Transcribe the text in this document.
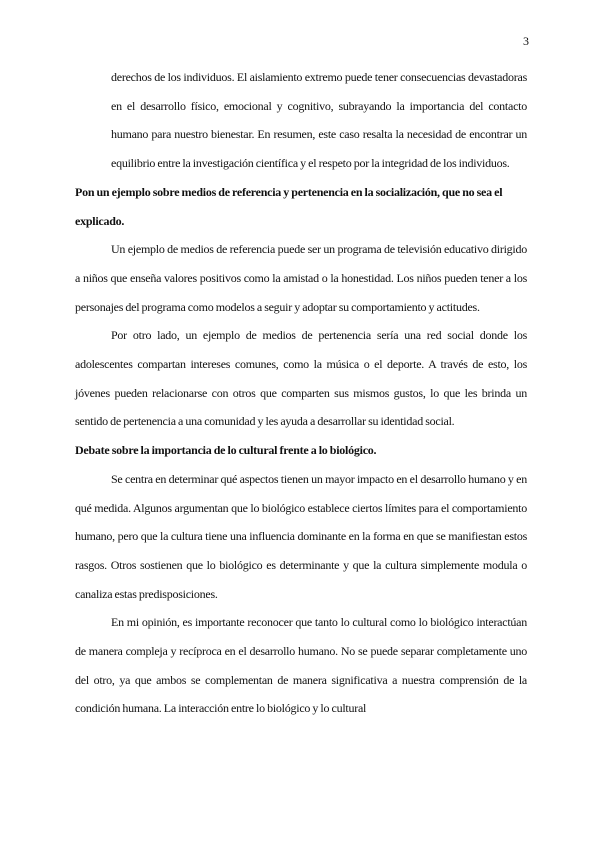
3

derechos de los individuos. El aislamiento extremo puede tener consecuencias devastadoras en el desarrollo físico, emocional y cognitivo, subrayando la importancia del contacto humano para nuestro bienestar. En resumen, este caso resalta la necesidad de encontrar un equilibrio entre la investigación científica y el respeto por la integridad de los individuos.

Pon un ejemplo sobre medios de referencia y pertenencia en la socialización, que no sea el explicado.

Un ejemplo de medios de referencia puede ser un programa de televisión educativo dirigido a niños que enseña valores positivos como la amistad o la honestidad. Los niños pueden tener a los personajes del programa como modelos a seguir y adoptar su comportamiento y actitudes.

Por otro lado, un ejemplo de medios de pertenencia sería una red social donde los adolescentes compartan intereses comunes, como la música o el deporte. A través de esto, los jóvenes pueden relacionarse con otros que comparten sus mismos gustos, lo que les brinda un sentido de pertenencia a una comunidad y les ayuda a desarrollar su identidad social.

Debate sobre la importancia de lo cultural frente a lo biológico.

Se centra en determinar qué aspectos tienen un mayor impacto en el desarrollo humano y en qué medida. Algunos argumentan que lo biológico establece ciertos límites para el comportamiento humano, pero que la cultura tiene una influencia dominante en la forma en que se manifiestan estos rasgos. Otros sostienen que lo biológico es determinante y que la cultura simplemente modula o canaliza estas predisposiciones.

En mi opinión, es importante reconocer que tanto lo cultural como lo biológico interactúan de manera compleja y recíproca en el desarrollo humano. No se puede separar completamente uno del otro, ya que ambos se complementan de manera significativa a nuestra comprensión de la condición humana. La interacción entre lo biológico y lo cultural
